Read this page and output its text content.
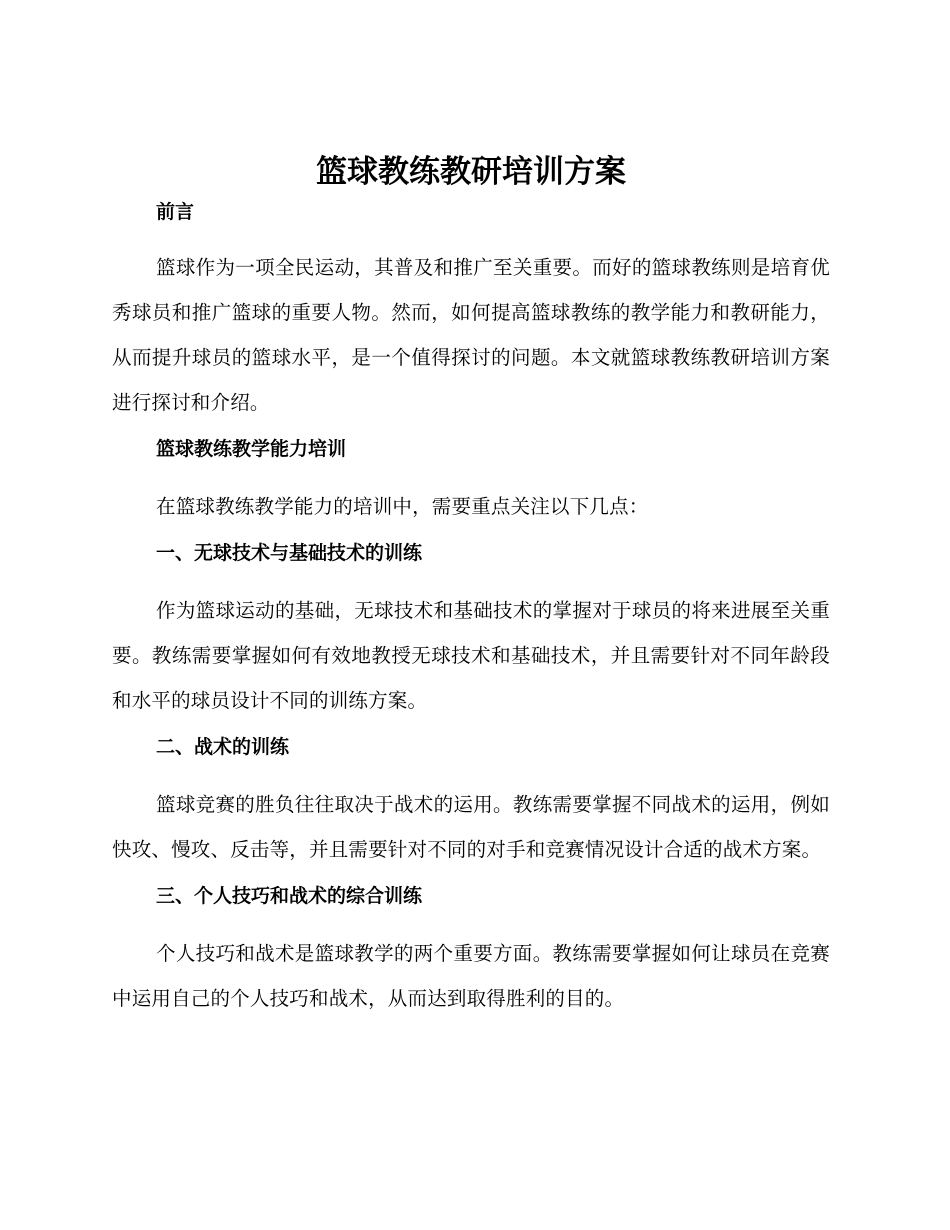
篮球教练教研培训方案
前言

篮球作为一项全民运动，其普及和推广至关重要。而好的篮球教练则是培育优秀球员和推广篮球的重要人物。然而，如何提高篮球教练的教学能力和教研能力，从而提升球员的篮球水平，是一个值得探讨的问题。本文就篮球教练教研培训方案进行探讨和介绍。

篮球教练教学能力培训

在篮球教练教学能力的培训中，需要重点关注以下几点：

一、无球技术与基础技术的训练

作为篮球运动的基础，无球技术和基础技术的掌握对于球员的将来进展至关重要。教练需要掌握如何有效地教授无球技术和基础技术，并且需要针对不同年龄段和水平的球员设计不同的训练方案。

二、战术的训练

篮球竞赛的胜负往往取决于战术的运用。教练需要掌握不同战术的运用，例如快攻、慢攻、反击等，并且需要针对不同的对手和竞赛情况设计合适的战术方案。

三、个人技巧和战术的综合训练

个人技巧和战术是篮球教学的两个重要方面。教练需要掌握如何让球员在竞赛中运用自己的个人技巧和战术，从而达到取得胜利的目的。
